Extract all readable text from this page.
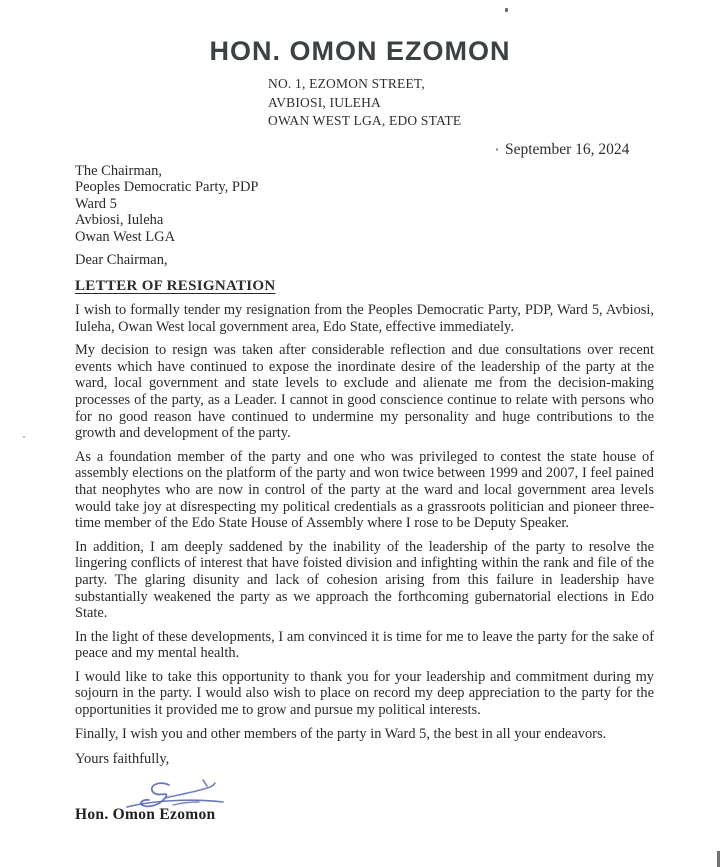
HON. OMON EZOMON
NO. 1, EZOMON STREET,
AVBIOSI, IULEHA
OWAN WEST LGA, EDO STATE
September 16, 2024
The Chairman,
Peoples Democratic Party, PDP
Ward 5
Avbiosi, Iuleha
Owan West LGA
Dear Chairman,
LETTER OF RESIGNATION

I wish to formally tender my resignation from the Peoples Democratic Party, PDP, Ward 5, Avbiosi, Iuleha, Owan West local government area, Edo State, effective immediately.

My decision to resign was taken after considerable reflection and due consultations over recent events which have continued to expose the inordinate desire of the leadership of the party at the ward, local government and state levels to exclude and alienate me from the decision-making processes of the party, as a Leader. I cannot in good conscience continue to relate with persons who for no good reason have continued to undermine my personality and huge contributions to the growth and development of the party.

As a foundation member of the party and one who was privileged to contest the state house of assembly elections on the platform of the party and won twice between 1999 and 2007, I feel pained that neophytes who are now in control of the party at the ward and local government area levels would take joy at disrespecting my political credentials as a grassroots politician and pioneer three-time member of the Edo State House of Assembly where I rose to be Deputy Speaker.

In addition, I am deeply saddened by the inability of the leadership of the party to resolve the lingering conflicts of interest that have foisted division and infighting within the rank and file of the party. The glaring disunity and lack of cohesion arising from this failure in leadership have substantially weakened the party as we approach the forthcoming gubernatorial elections in Edo State.

In the light of these developments, I am convinced it is time for me to leave the party for the sake of peace and my mental health.

I would like to take this opportunity to thank you for your leadership and commitment during my sojourn in the party. I would also wish to place on record my deep appreciation to the party for the opportunities it provided me to grow and pursue my political interests.

Finally, I wish you and other members of the party in Ward 5, the best in all your endeavors.

Yours faithfully,
Hon. Omon Ezomon
